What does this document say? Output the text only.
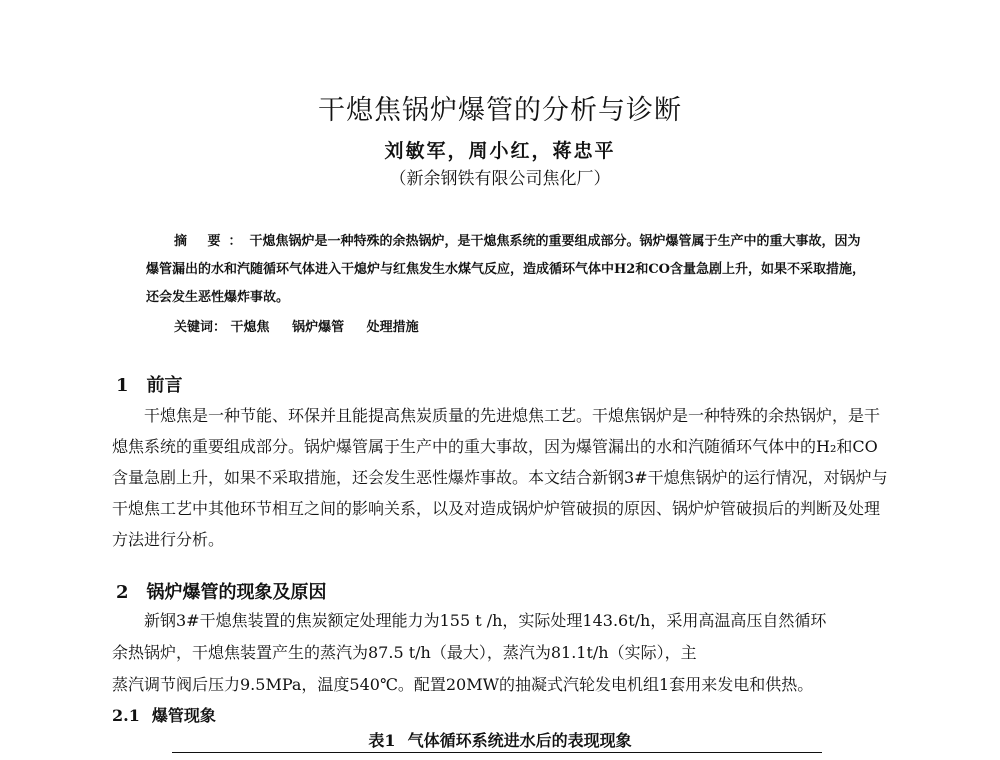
干熄焦锅炉爆管的分析与诊断
刘敏军，周小红，蒋忠平
（新余钢铁有限公司焦化厂）

摘 要：干熄焦锅炉是一种特殊的余热锅炉，是干熄焦系统的重要组成部分。锅炉爆管属于生产中的重大事故，因为爆管漏出的水和汽随循环气体进入干熄炉与红焦发生水煤气反应，造成循环气体中H2和CO含量急剧上升，如果不采取措施，还会发生恶性爆炸事故。

关键词： 干熄焦 锅炉爆管 处理措施
1 前言

干熄焦是一种节能、环保并且能提高焦炭质量的先进熄焦工艺。干熄焦锅炉是一种特殊的余热锅炉，是干熄焦系统的重要组成部分。锅炉爆管属于生产中的重大事故，因为爆管漏出的水和汽随循环气体中的H₂和CO含量急剧上升，如果不采取措施，还会发生恶性爆炸事故。本文结合新钢3#干熄焦锅炉的运行情况，对锅炉与干熄焦工艺中其他环节相互之间的影响关系，以及对造成锅炉炉管破损的原因、锅炉炉管破损后的判断及处理方法进行分析。

2 锅炉爆管的现象及原因
新钢3#干熄焦装置的焦炭额定处理能力为155 t /h，实际处理143.6t/h，采用高温高压自然循环
余热锅炉，干熄焦装置产生的蒸汽为87.5 t/h（最大），蒸汽为81.1t/h（实际），主
蒸汽调节阀后压力9.5MPa，温度540℃。配置20MW的抽凝式汽轮发电机组1套用来发电和供热。
2.1 爆管现象
表1 气体循环系统进水后的表现现象
